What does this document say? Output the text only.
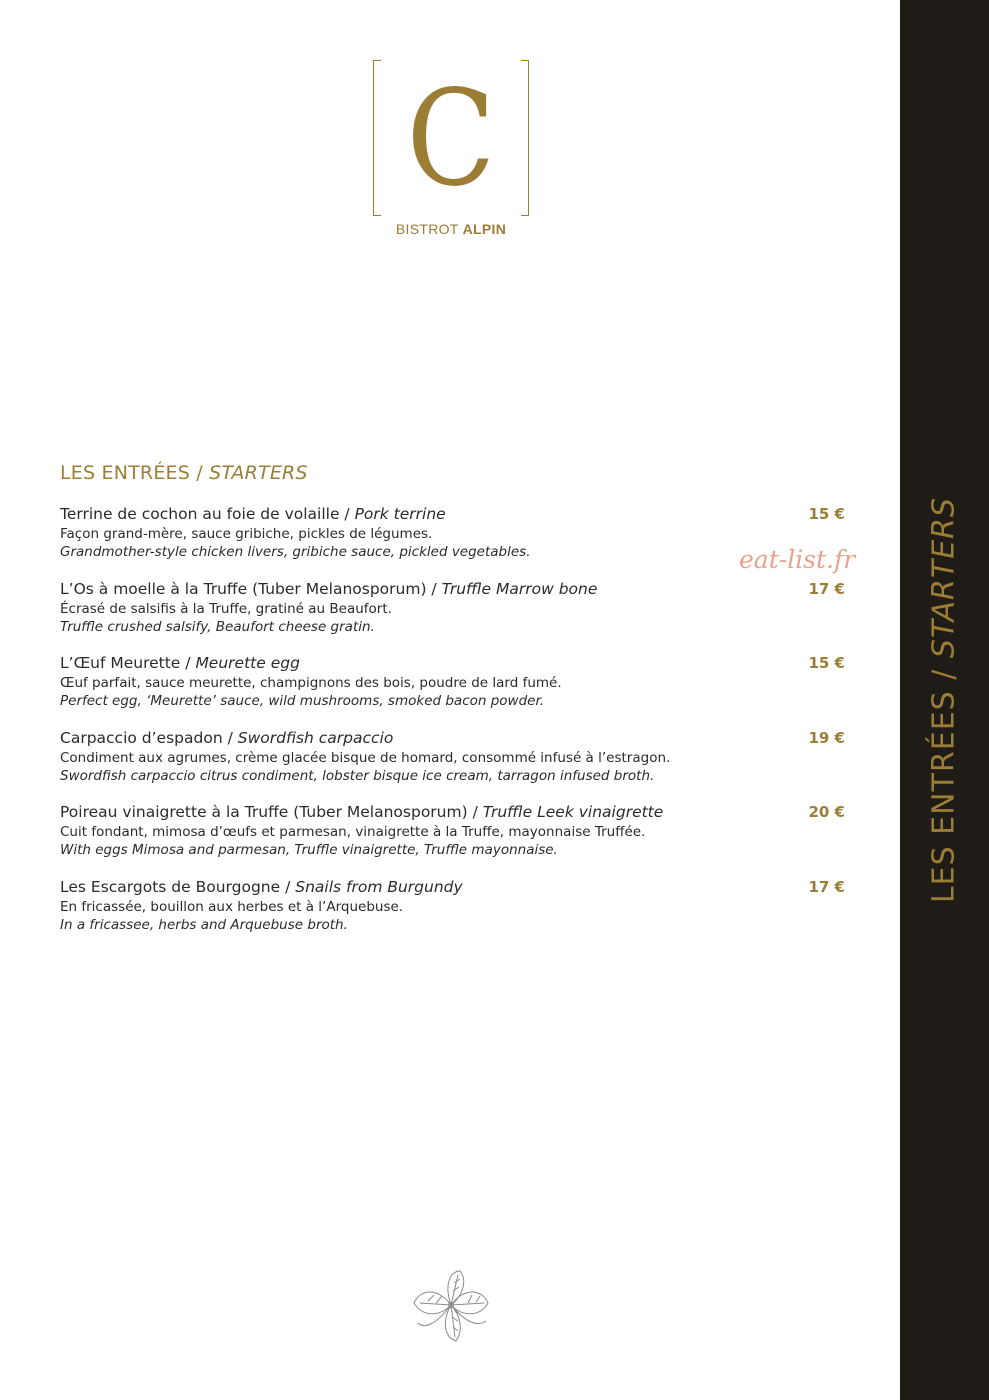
C
BISTROT ALPIN
LES ENTRÉES / STARTERS
Terrine de cochon au foie de volaille / Pork terrine	15 €
Façon grand-mère, sauce gribiche, pickles de légumes.
Grandmother-style chicken livers, gribiche sauce, pickled vegetables.
L’Os à moelle à la Truffe (Tuber Melanosporum) / Truffle Marrow bone	17 €
Écrasé de salsifis à la Truffe, gratiné au Beaufort.
Truffle crushed salsify, Beaufort cheese gratin.
L’Œuf Meurette / Meurette egg	15 €
Œuf parfait, sauce meurette, champignons des bois, poudre de lard fumé.
Perfect egg, ‘Meurette’ sauce, wild mushrooms, smoked bacon powder.
Carpaccio d’espadon / Swordfish carpaccio	19 €
Condiment aux agrumes, crème glacée bisque de homard, consommé infusé à l’estragon.
Swordfish carpaccio citrus condiment, lobster bisque ice cream, tarragon infused broth.
Poireau vinaigrette à la Truffe (Tuber Melanosporum) / Truffle Leek vinaigrette	20 €
Cuit fondant, mimosa d’œufs et parmesan, vinaigrette à la Truffe, mayonnaise Truffée.
With eggs Mimosa and parmesan, Truffle vinaigrette, Truffle mayonnaise.
Les Escargots de Bourgogne / Snails from Burgundy	17 €
En fricassée, bouillon aux herbes et à l’Arquebuse.
In a fricassee, herbs and Arquebuse broth.
eat-list.fr
LES ENTRÉES / STARTERS
